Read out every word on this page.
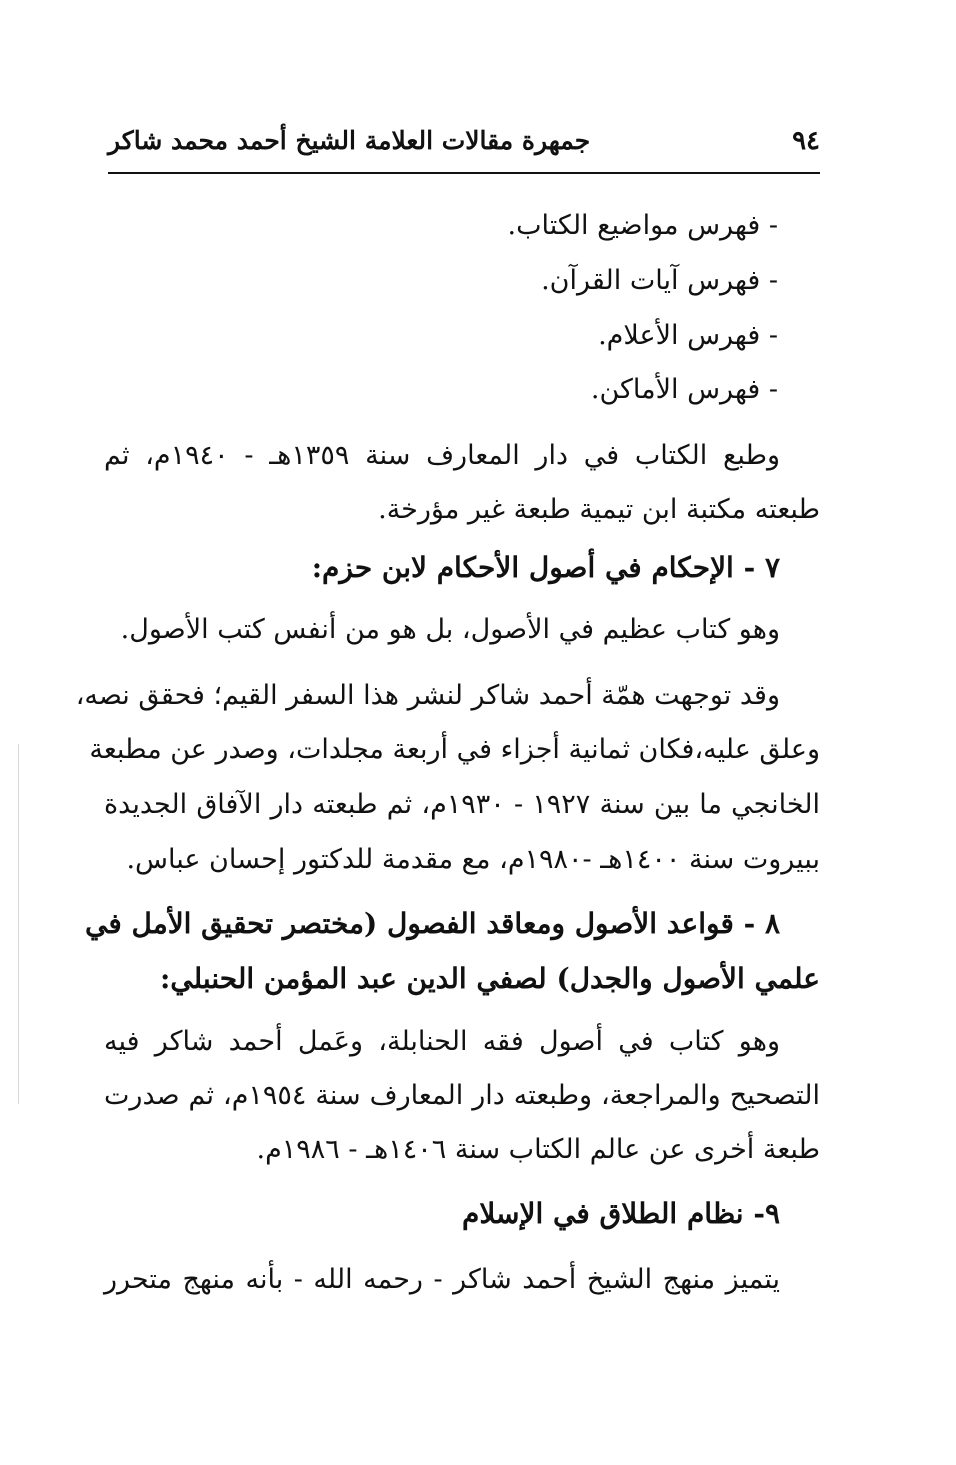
٩٤
جمهرة مقالات العلامة الشيخ أحمد محمد شاكر
- فهرس مواضيع الكتاب.
- فهرس آيات القرآن.
- فهرس الأعلام.
- فهرس الأماكن.
وطبع الكتاب في دار المعارف سنة ١٣٥٩هـ - ١٩٤٠م، ثم
طبعته مكتبة ابن تيمية طبعة غير مؤرخة.
٧ - الإحكام في أصول الأحكام لابن حزم:
وهو كتاب عظيم في الأصول، بل هو من أنفس كتب الأصول.
وقد توجهت همّة أحمد شاكر لنشر هذا السفر القيم؛ فحقق نصه،
وعلق عليه،فكان ثمانية أجزاء في أربعة مجلدات، وصدر عن مطبعة
الخانجي ما بين سنة ١٩٢٧ - ١٩٣٠م، ثم طبعته دار الآفاق الجديدة
ببيروت سنة ١٤٠٠هـ -١٩٨٠م، مع مقدمة للدكتور إحسان عباس.
٨ - قواعد الأصول ومعاقد الفصول (مختصر تحقيق الأمل في
علمي الأصول والجدل) لصفي الدين عبد المؤمن الحنبلي:
وهو كتاب في أصول فقه الحنابلة، وعَمل أحمد شاكر فيه
التصحيح والمراجعة، وطبعته دار المعارف سنة ١٩٥٤م، ثم صدرت
طبعة أخرى عن عالم الكتاب سنة ١٤٠٦هـ - ١٩٨٦م.
٩- نظام الطلاق في الإسلام
يتميز منهج الشيخ أحمد شاكر - رحمه الله - بأنه منهج متحرر
